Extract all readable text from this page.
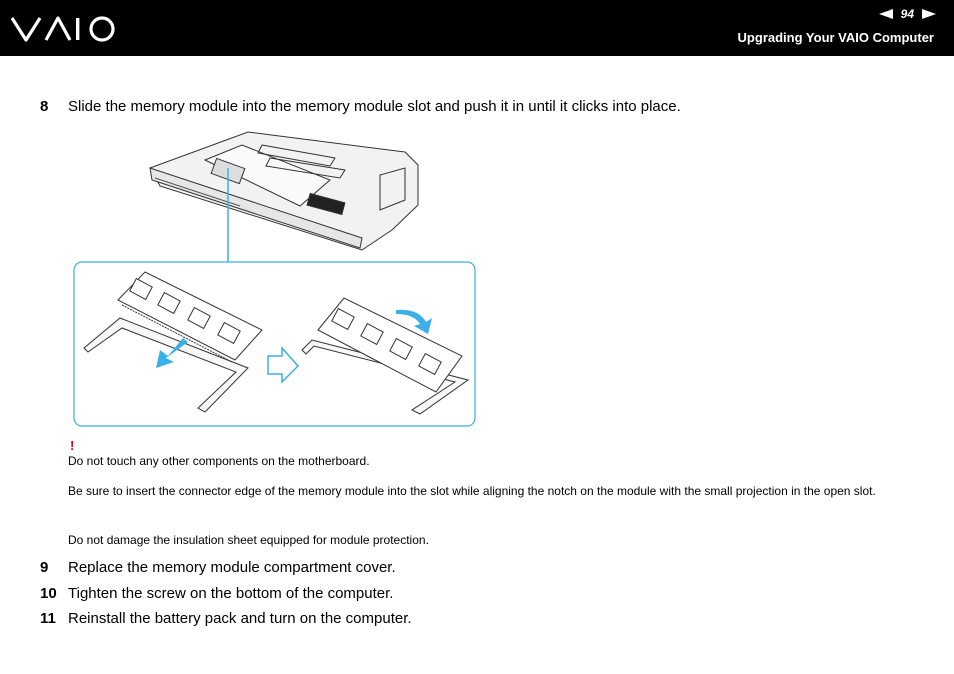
94
Upgrading Your VAIO Computer
8 Slide the memory module into the memory module slot and push it in until it clicks into place.
!
Do not touch any other components on the motherboard.
Be sure to insert the connector edge of the memory module into the slot while aligning the notch on the module with the small projection in the open slot.
Do not damage the insulation sheet equipped for module protection.
9 Replace the memory module compartment cover.
10 Tighten the screw on the bottom of the computer.
11 Reinstall the battery pack and turn on the computer.
